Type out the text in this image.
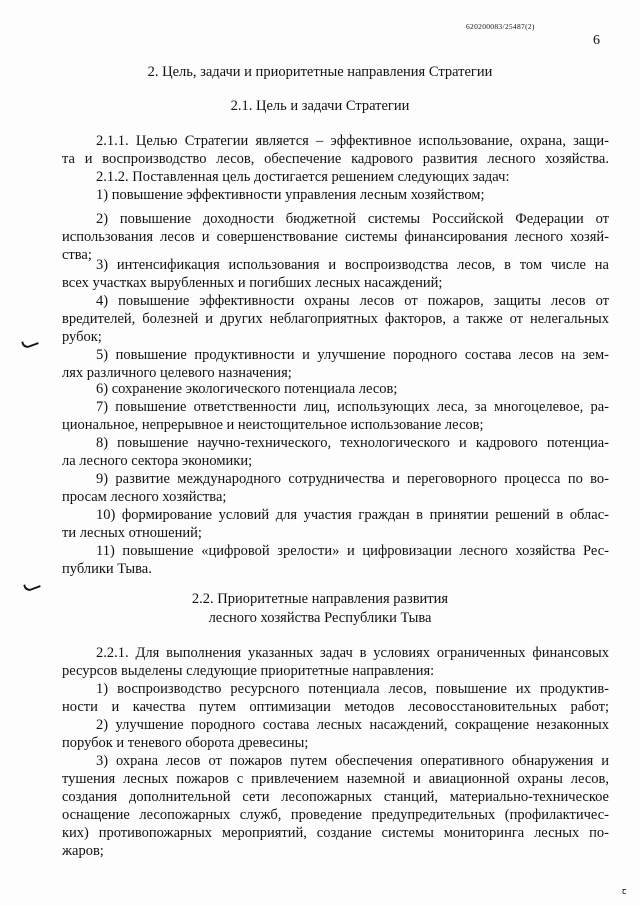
620200083/25487(2)
6
2. Цель, задачи и приоритетные направления Стратегии
2.1. Цель и задачи Стратегии
2.1.1. Целью Стратегии является – эффективное использование, охрана, защи-
та и воспроизводство лесов, обеспечение кадрового развития лесного хозяйства.
2.1.2. Поставленная цель достигается решением следующих задач:
1) повышение эффективности управления лесным хозяйством;
2) повышение доходности бюджетной системы Российской Федерации от
использования лесов и совершенствование системы финансирования лесного хозяй-
ства;
3) интенсификация использования и воспроизводства лесов, в том числе на
всех участках вырубленных и погибших лесных насаждений;
4) повышение эффективности охраны лесов от пожаров, защиты лесов от
вредителей, болезней и других неблагоприятных факторов, а также от нелегальных
рубок;
5) повышение продуктивности и улучшение породного состава лесов на зем-
лях различного целевого назначения;
6) сохранение экологического потенциала лесов;
7) повышение ответственности лиц, использующих леса, за многоцелевое, ра-
циональное, непрерывное и неистощительное использование лесов;
8) повышение научно-технического, технологического и кадрового потенциа-
ла лесного сектора экономики;
9) развитие международного сотрудничества и переговорного процесса по во-
просам лесного хозяйства;
10) формирование условий для участия граждан в принятии решений в облас-
ти лесных отношений;
11) повышение «цифровой зрелости» и цифровизации лесного хозяйства Рес-
публики Тыва.
2.2. Приоритетные направления развития
лесного хозяйства Республики Тыва
2.2.1. Для выполнения указанных задач в условиях ограниченных финансовых
ресурсов выделены следующие приоритетные направления:
1) воспроизводство ресурсного потенциала лесов, повышение их продуктив-
ности и качества путем оптимизации методов лесовосстановительных работ;
2) улучшение породного состава лесных насаждений, сокращение незаконных
порубок и теневого оборота древесины;
3) охрана лесов от пожаров путем обеспечения оперативного обнаружения и
тушения лесных пожаров с привлечением наземной и авиационной охраны лесов,
создания дополнительной сети лесопожарных станций, материально-техническое
оснащение лесопожарных служб, проведение предупредительных (профилактичес-
ких) противопожарных мероприятий, создание системы мониторинга лесных по-
жаров;
ꞇ
